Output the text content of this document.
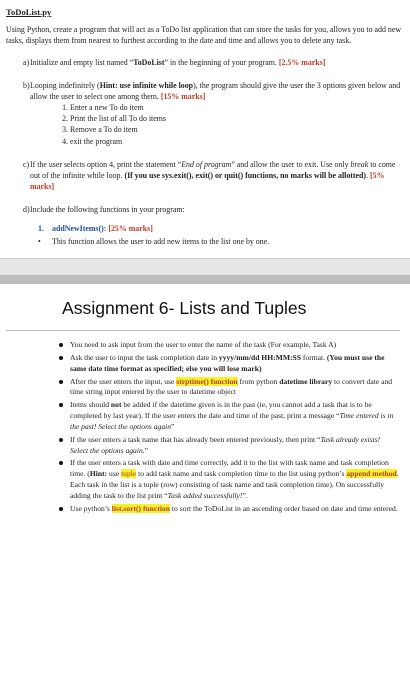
ToDoList.py
Using Python, create a program that will act as a ToDo list application that can store the tasks for you, allows you to add new tasks, displays them from nearest to furthest according to the date and time and allows you to delete any task.
a) Initialize and empty list named “ToDoList” in the beginning of your program. [2.5% marks]
b) Looping indefinitely (Hint: use infinite while loop), the program should give the user the 3 options given below and allow the user to select one among them. [15% marks]
1. Enter a new To do item
2. Print the list of all To do items
3. Remove a To do item
4. exit the program
c) If the user selects option 4, print the statement “End of program” and allow the user to exit. Use only break to come out of the infinite while loop. (If you use sys.exit(), exit() or quit() functions, no marks will be allotted). [5% marks]
d) Include the following functions in your program:
1. addNewItems(): [25% marks]
• This function allows the user to add new items to the list one by one.
Assignment 6- Lists and Tuples
You need to ask input from the user to enter the name of the task (For example, Task A)
Ask the user to input the task completion date in yyyy/mm/dd HH:MM:SS format. (You must use the same date time format as specified; else you will lose mark)
After the user enters the input, use strptime() function from python datetime library to convert date and time string input entered by the user to datetime object
Items should not be added if the datetime given is in the past (ie, you cannot add a task that is to be completed by last year). If the user enters the date and time of the past, print a message “Time entered is in the past! Select the options again”
If the user enters a task name that has already been entered previously, then print “Task already exists! Select the options again.”
If the user enters a task with date and time correctly, add it to the list with task name and task completion time. (Hint: use tuple to add task name and task completion time to the list using python’s append method. Each task in the list is a tuple (row) consisting of task name and task completion time). On successfully adding the task to the list print “Task added successfully!”.
Use python’s list.sort() function to sort the ToDoList in an ascending order based on date and time entered.
